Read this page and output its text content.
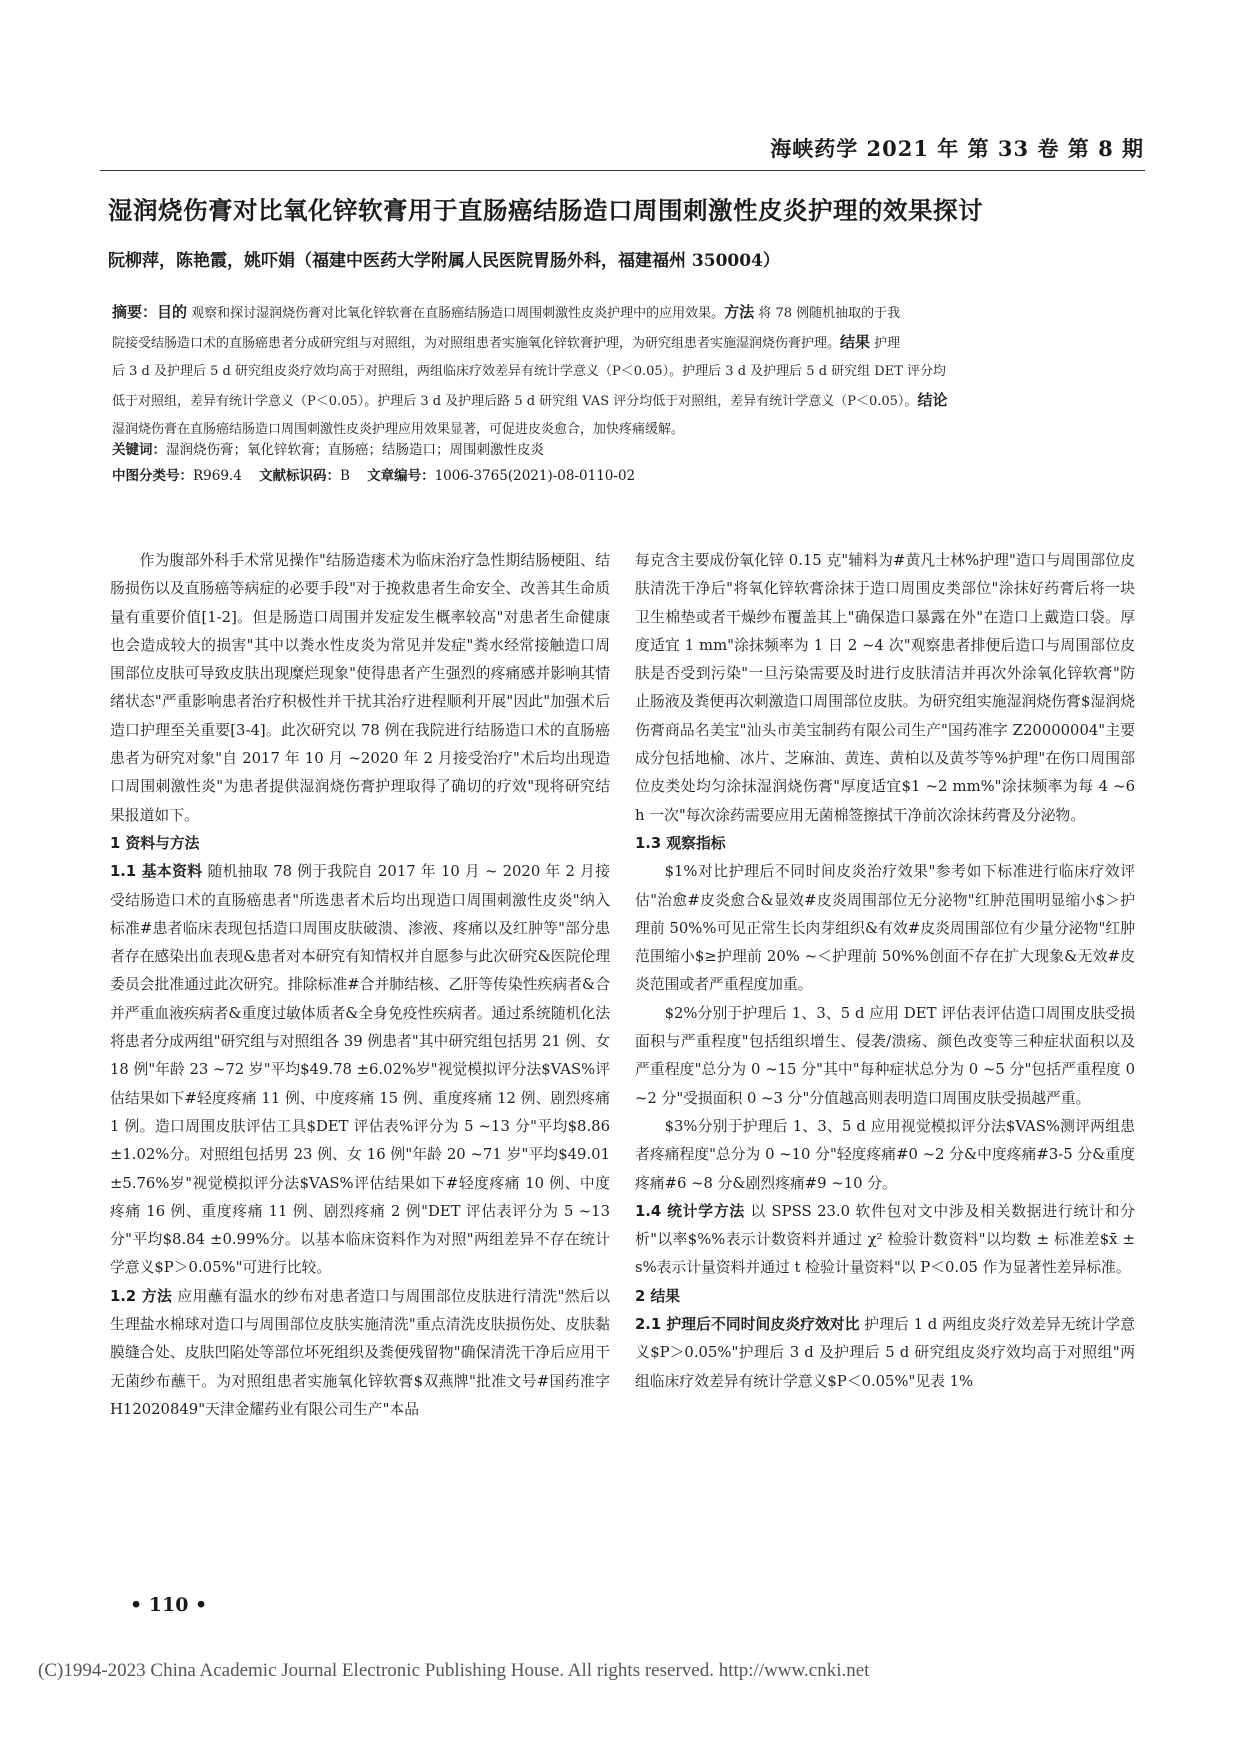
海峡药学 2021 年 第 33 卷 第 8 期
湿润烧伤膏对比氧化锌软膏用于直肠癌结肠造口周围刺激性皮炎护理的效果探讨
阮柳萍，陈艳霞，姚吓娟（福建中医药大学附属人民医院胃肠外科，福建福州 350004）

摘要：目的 观察和探讨湿润烧伤膏对比氧化锌软膏在直肠癌结肠造口周围刺激性皮炎护理中的应用效果。方法 将 78 例随机抽取的于我

院接受结肠造口术的直肠癌患者分成研究组与对照组，为对照组患者实施氧化锌软膏护理，为研究组患者实施湿润烧伤膏护理。结果 护理

后 3 d 及护理后 5 d 研究组皮炎疗效均高于对照组，两组临床疗效差异有统计学意义（P＜0.05）。护理后 3 d 及护理后 5 d 研究组 DET 评分均

低于对照组，差异有统计学意义（P＜0.05）。护理后 3 d 及护理后路 5 d 研究组 VAS 评分均低于对照组，差异有统计学意义（P＜0.05）。结论

湿润烧伤膏在直肠癌结肠造口周围刺激性皮炎护理应用效果显著，可促进皮炎愈合，加快疼痛缓解。

关键词：湿润烧伤膏；氧化锌软膏；直肠癌；结肠造口；周围刺激性皮炎
中图分类号：R969.4 文献标识码：B 文章编号：1006-3765(2021)-08-0110-02

作为腹部外科手术常见操作"结肠造瘘术为临床治疗急性期结肠梗阻、结肠损伤以及直肠癌等病症的必要手段"对于挽救患者生命安全、改善其生命质量有重要价值[1-2]。但是肠造口周围并发症发生概率较高"对患者生命健康也会造成较大的损害"其中以粪水性皮炎为常见并发症"粪水经常接触造口周围部位皮肤可导致皮肤出现糜烂现象"使得患者产生强烈的疼痛感并影响其情绪状态"严重影响患者治疗积极性并干扰其治疗进程顺利开展"因此"加强术后造口护理至关重要[3-4]。此次研究以 78 例在我院进行结肠造口术的直肠癌患者为研究对象"自 2017 年 10 月 ~2020 年 2 月接受治疗"术后均出现造口周围刺激性炎"为患者提供湿润烧伤膏护理取得了确切的疗效"现将研究结果报道如下。

1 资料与方法

1.1 基本资料 随机抽取 78 例于我院自 2017 年 10 月 ~ 2020 年 2 月接受结肠造口术的直肠癌患者"所选患者术后均出现造口周围刺激性皮炎"纳入标准#患者临床表现包括造口周围皮肤破溃、渗液、疼痛以及红肿等"部分患者存在感染出血表现&患者对本研究有知情权并自愿参与此次研究&医院伦理委员会批准通过此次研究。排除标准#合并肺结核、乙肝等传染性疾病者&合并严重血液疾病者&重度过敏体质者&全身免疫性疾病者。通过系统随机化法将患者分成两组"研究组与对照组各 39 例患者"其中研究组包括男 21 例、女 18 例"年龄 23 ~72 岁"平均$49.78 ±6.02%岁"视觉模拟评分法$VAS%评估结果如下#轻度疼痛 11 例、中度疼痛 15 例、重度疼痛 12 例、剧烈疼痛 1 例。造口周围皮肤评估工具$DET 评估表%评分为 5 ~13 分"平均$8.86 ±1.02%分。对照组包括男 23 例、女 16 例"年龄 20 ~71 岁"平均$49.01 ±5.76%岁"视觉模拟评分法$VAS%评估结果如下#轻度疼痛 10 例、中度疼痛 16 例、重度疼痛 11 例、剧烈疼痛 2 例"DET 评估表评分为 5 ~13 分"平均$8.84 ±0.99%分。以基本临床资料作为对照"两组差异不存在统计学意义$P＞0.05%"可进行比较。

1.2 方法 应用蘸有温水的纱布对患者造口与周围部位皮肤进行清洗"然后以生理盐水棉球对造口与周围部位皮肤实施清洗"重点清洗皮肤损伤处、皮肤黏膜缝合处、皮肤凹陷处等部位坏死组织及粪便残留物"确保清洗干净后应用干无菌纱布蘸干。为对照组患者实施氧化锌软膏$双燕牌"批准文号#国药准字 H12020849"天津金耀药业有限公司生产"本品

每克含主要成份氧化锌 0.15 克"辅料为#黄凡士林%护理"造口与周围部位皮肤清洗干净后"将氧化锌软膏涂抹于造口周围皮类部位"涂抹好药膏后将一块卫生棉垫或者干燥纱布覆盖其上"确保造口暴露在外"在造口上戴造口袋。厚度适宜 1 mm"涂抹频率为 1 日 2 ~4 次"观察患者排便后造口与周围部位皮肤是否受到污染"一旦污染需要及时进行皮肤清洁并再次外涂氧化锌软膏"防止肠液及粪便再次刺激造口周围部位皮肤。为研究组实施湿润烧伤膏$湿润烧伤膏商品名美宝"汕头市美宝制药有限公司生产"国药准字 Z20000004"主要成分包括地榆、冰片、芝麻油、黄连、黄柏以及黄芩等%护理"在伤口周围部位皮类处均匀涂抹湿润烧伤膏"厚度适宜$1 ~2 mm%"涂抹频率为每 4 ~6 h 一次"每次涂药需要应用无菌棉签擦拭干净前次涂抹药膏及分泌物。

1.3 观察指标

$1%对比护理后不同时间皮炎治疗效果"参考如下标准进行临床疗效评估"治愈#皮炎愈合&显效#皮炎周围部位无分泌物"红肿范围明显缩小$＞护理前 50%%可见正常生长肉芽组织&有效#皮炎周围部位有少量分泌物"红肿范围缩小$≥护理前 20% ~＜护理前 50%%创面不存在扩大现象&无效#皮炎范围或者严重程度加重。

$2%分别于护理后 1、3、5 d 应用 DET 评估表评估造口周围皮肤受损面积与严重程度"包括组织增生、侵袭/溃疡、颜色改变等三种症状面积以及严重程度"总分为 0 ~15 分"其中"每种症状总分为 0 ~5 分"包括严重程度 0 ~2 分"受损面积 0 ~3 分"分值越高则表明造口周围皮肤受损越严重。

$3%分别于护理后 1、3、5 d 应用视觉模拟评分法$VAS%测评两组患者疼痛程度"总分为 0 ~10 分"轻度疼痛#0 ~2 分&中度疼痛#3-5 分&重度疼痛#6 ~8 分&剧烈疼痛#9 ~10 分。

1.4 统计学方法 以 SPSS 23.0 软件包对文中涉及相关数据进行统计和分析"以率$%%表示计数资料并通过 χ² 检验计数资料"以均数 ± 标准差$x̄ ± s%表示计量资料并通过 t 检验计量资料"以 P＜0.05 作为显著性差异标准。

2 结果

2.1 护理后不同时间皮炎疗效对比 护理后 1 d 两组皮炎疗效差异无统计学意义$P＞0.05%"护理后 3 d 及护理后 5 d 研究组皮炎疗效均高于对照组"两组临床疗效差异有统计学意义$P＜0.05%"见表 1%

• 110 •
(C)1994-2023 China Academic Journal Electronic Publishing House. All rights reserved. http://www.cnki.net
